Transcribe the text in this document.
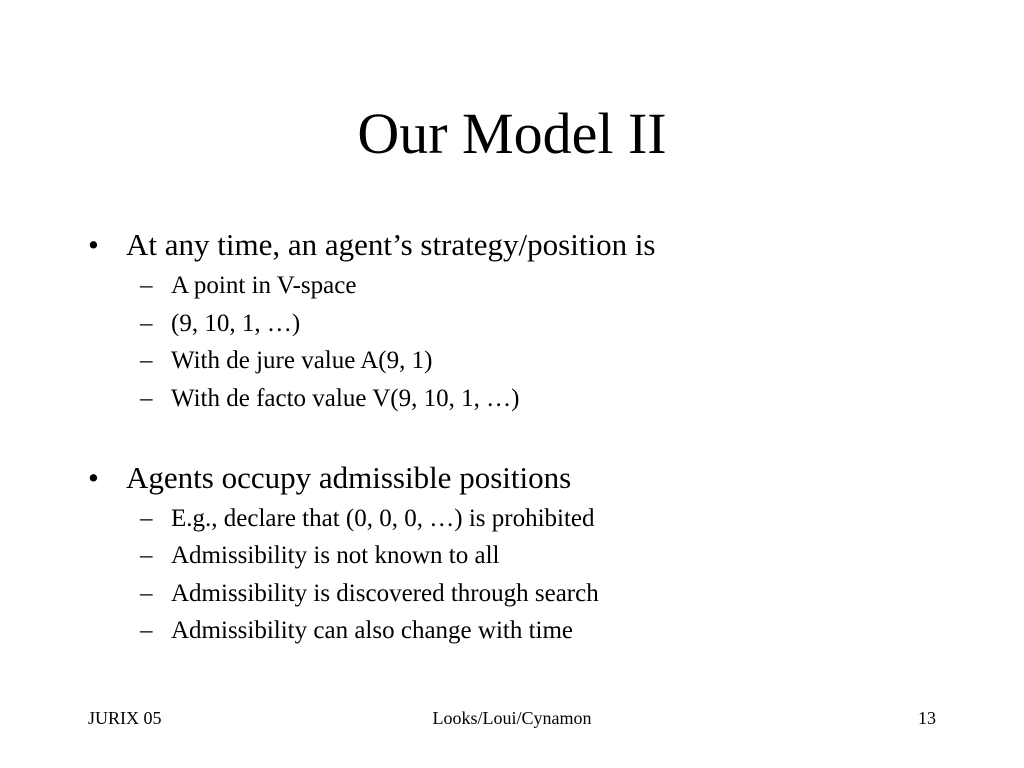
Our Model II
• At any time, an agent’s strategy/position is
– A point in V-space
– (9, 10, 1, …)
– With de jure value A(9, 1)
– With de facto value V(9, 10, 1, …)
• Agents occupy admissible positions
– E.g., declare that (0, 0, 0, …) is prohibited
– Admissibility is not known to all
– Admissibility is discovered through search
– Admissibility can also change with time
JURIX 05	Looks/Loui/Cynamon	13
